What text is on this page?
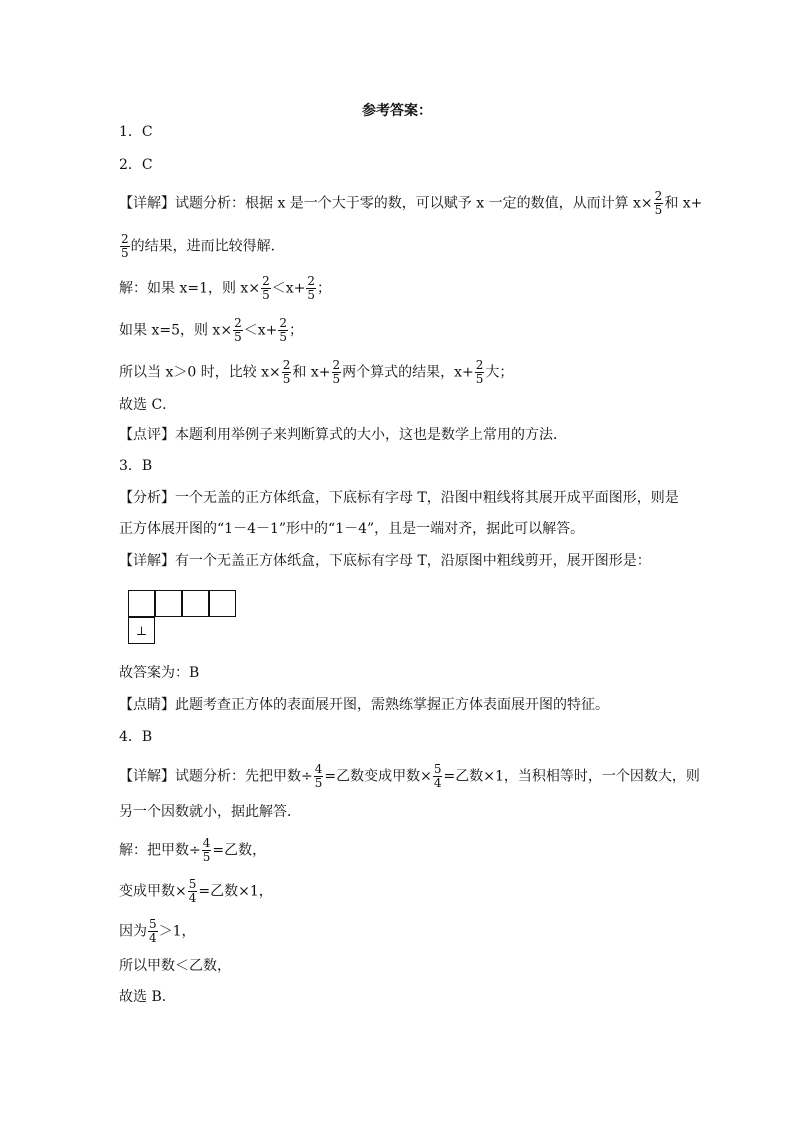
参考答案：
1．C
2．C
【详解】试题分析：根据 x 是一个大于零的数，可以赋予 x 一定的数值，从而计算 $x\times \frac{2}{5}$ 和 x+
$\frac{2}{5}$ 的结果，进而比较得解．
解：如果 x=1，则 $x\times \frac{2}{5} <x+ \frac{2}{5}$ ；
如果 x=5，则 $x\times \frac{2}{5} <x+ \frac{2}{5}$ ；
所以当 x＞0 时，比较 $x\times \frac{2}{5}$ 和 $x+ \frac{2}{5}$ 两个算式的结果，$x+ \frac{2}{5}$ 大；
故选 C．
【点评】本题利用举例子来判断算式的大小，这也是数学上常用的方法．
3．B
【分析】一个无盖的正方体纸盒，下底标有字母 T，沿图中粗线将其展开成平面图形，则是
正方体展开图的“1－4－1”形中的“1－4”，且是一端对齐，据此可以解答。
【详解】有一个无盖正方体纸盒，下底标有字母 T，沿原图中粗线剪开，展开图形是：
⊥
故答案为：B
【点睛】此题考查正方体的表面展开图，需熟练掌握正方体表面展开图的特征。
4．B
【详解】试题分析：先把甲数÷ $\frac{4}{5}$ =乙数变成甲数× $\frac{5}{4}$ =乙数×1，当积相等时，一个因数大，则
另一个因数就小，据此解答．
解：把甲数÷ $\frac{4}{5}$ =乙数，
变成甲数× $\frac{5}{4}$ =乙数×1，
因为 $\frac{5}{4} >1$，
所以甲数＜乙数，
故选 B．
